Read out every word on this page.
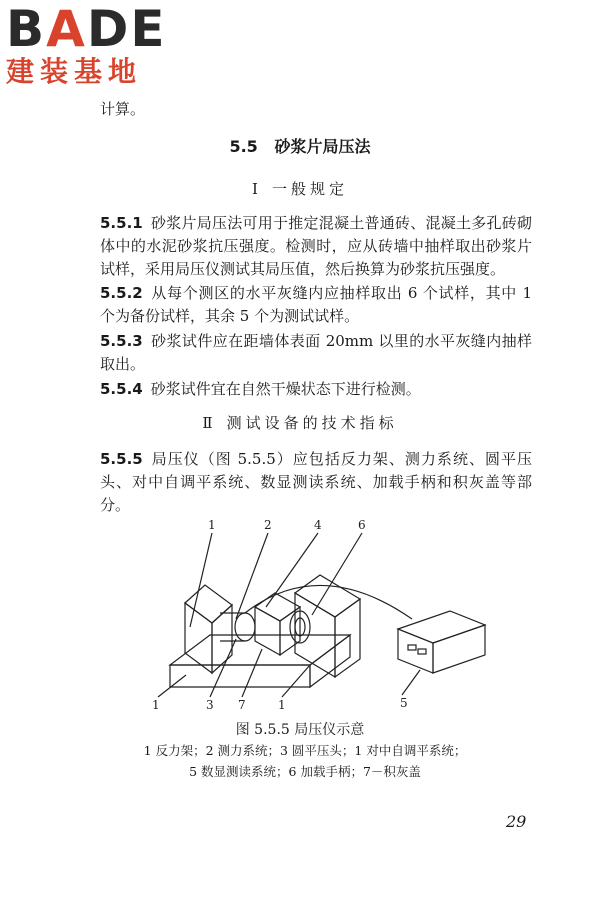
BADE
建装基地
计算。
5.5 砂浆片局压法
Ⅰ 一般规定
5.5.1 砂浆片局压法可用于推定混凝土普通砖、混凝土多孔砖砌体中的水泥砂浆抗压强度。检测时，应从砖墙中抽样取出砂浆片试样，采用局压仪测试其局压值，然后换算为砂浆抗压强度。
5.5.2 从每个测区的水平灰缝内应抽样取出 6 个试样，其中 1 个为备份试样，其余 5 个为测试试样。
5.5.3 砂浆试件应在距墙体表面 20mm 以里的水平灰缝内抽样取出。
5.5.4 砂浆试件宜在自然干燥状态下进行检测。
Ⅱ 测试设备的技术指标
5.5.5 局压仪（图 5.5.5）应包括反力架、测力系统、圆平压头、对中自调平系统、数显测读系统、加载手柄和积灰盖等部分。
1	2	4	6
1	3 7	1	5
图 5.5.5 局压仪示意
1 反力架；2 测力系统；3 圆平压头；1 对中自调平系统；
5 数显测读系统；6 加载手柄；7－积灰盖
29
